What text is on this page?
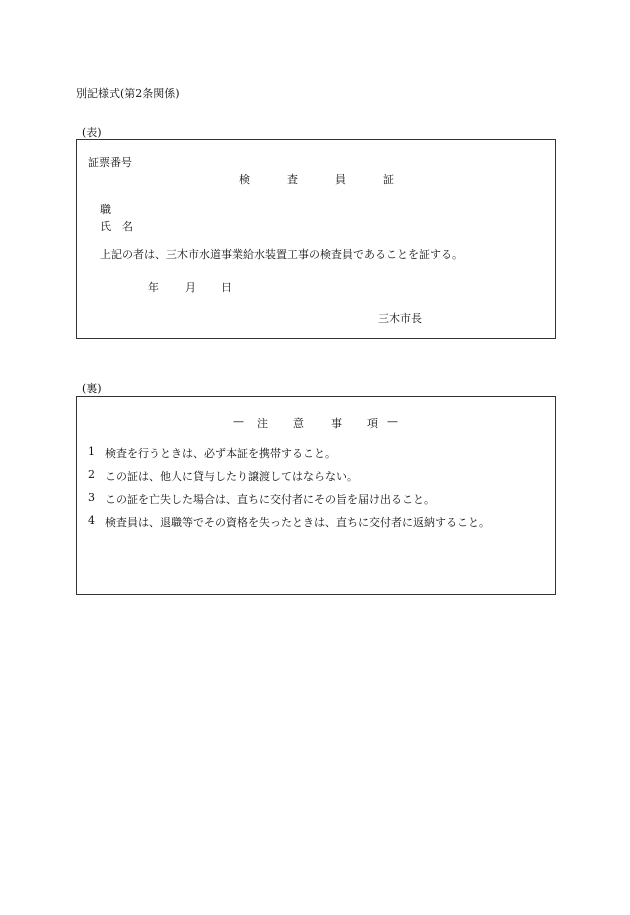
別記様式(第2条関係)
(表)
証票番号
検	査	員	証
職
氏　名
上記の者は、三木市水道事業給水装置工事の検査員であることを証する。
年 月 日
三木市長
(裏)
— 注 意 事 項 —
1 検査を行うときは、必ず本証を携帯すること。
2 この証は、他人に貸与したり譲渡してはならない。
3 この証を亡失した場合は、直ちに交付者にその旨を届け出ること。
4 検査員は、退職等でその資格を失ったときは、直ちに交付者に返納すること。
